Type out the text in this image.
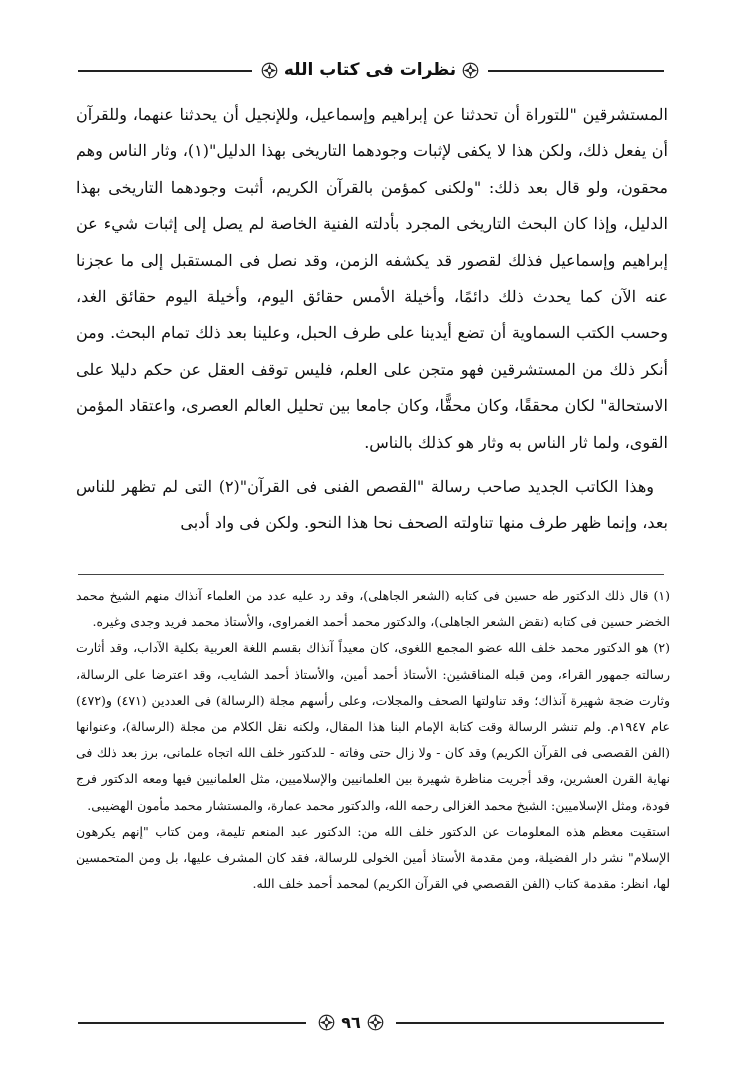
نظرات فى كتاب الله

المستشرقين "للتوراة أن تحدثنا عن إبراهيم وإسماعيل، وللإنجيل أن يحدثنا عنهما، وللقرآن أن يفعل ذلك، ولكن هذا لا يكفى لإثبات وجودهما التاريخى بهذا الدليل"(١)، وثار الناس وهم محقون، ولو قال بعد ذلك: "ولكنى كمؤمن بالقرآن الكريم، أثبت وجودهما التاريخى بهذا الدليل، وإذا كان البحث التاريخى المجرد بأدلته الفنية الخاصة لم يصل إلى إثبات شيء عن إبراهيم وإسماعيل فذلك لقصور قد يكشفه الزمن، وقد نصل فى المستقبل إلى ما عجزنا عنه الآن كما يحدث ذلك دائمًا، وأخيلة الأمس حقائق اليوم، وأخيلة اليوم حقائق الغد، وحسب الكتب السماوية أن تضع أيدينا على طرف الحبل، وعلينا بعد ذلك تمام البحث. ومن أنكر ذلك من المستشرقين فهو متجن على العلم، فليس توقف العقل عن حكم دليلا على الاستحالة" لكان محققًا، وكان محقًّا، وكان جامعا بين تحليل العالم العصرى، واعتقاد المؤمن القوى، ولما ثار الناس به وثار هو كذلك بالناس.

وهذا الكاتب الجديد صاحب رسالة "القصص الفنى فى القرآن"(٢) التى لم تظهر للناس بعد، وإنما ظهر طرف منها تناولته الصحف نحا هذا النحو. ولكن فى واد أدبى

(١) قال ذلك الدكتور طه حسين فى كتابه (الشعر الجاهلى)، وقد رد عليه عدد من العلماء آنذاك منهم الشيخ محمد الخضر حسين فى كتابه (نقض الشعر الجاهلى)، والدكتور محمد أحمد الغمراوى، والأستاذ محمد فريد وجدى وغيره.

(٢) هو الدكتور محمد خلف الله عضو المجمع اللغوى، كان معيداً آنذاك بقسم اللغة العربية بكلية الآداب، وقد أثارت رسالته جمهور القراء، ومن قبله المناقشين: الأستاذ أحمد أمين، والأستاذ أحمد الشايب، وقد اعترضا على الرسالة، وثارت ضجة شهيرة آنذاك؛ وقد تناولتها الصحف والمجلات، وعلى رأسهم مجلة (الرسالة) فى العددين (٤٧١) و(٤٧٢) عام ١٩٤٧م. ولم تنشر الرسالة وقت كتابة الإمام البنا هذا المقال، ولكنه نقل الكلام من مجلة (الرسالة)، وعنوانها (الفن القصصى فى القرآن الكريم) وقد كان - ولا زال حتى وفاته - للدكتور خلف الله اتجاه علمانى، برز بعد ذلك فى نهاية القرن العشرين، وقد أجريت مناظرة شهيرة بين العلمانيين والإسلاميين، مثل العلمانيين فيها ومعه الدكتور فرج فودة، ومثل الإسلاميين: الشيخ محمد الغزالى رحمه الله، والدكتور محمد عمارة، والمستشار محمد مأمون الهضيبى.

استقيت معظم هذه المعلومات عن الدكتور خلف الله من: الدكتور عبد المنعم تليمة، ومن كتاب "إنهم يكرهون الإسلام" نشر دار الفضيلة، ومن مقدمة الأستاذ أمين الخولى للرسالة، فقد كان المشرف عليها، بل ومن المتحمسين لها، انظر: مقدمة كتاب (الفن القصصي في القرآن الكريم) لمحمد أحمد خلف الله.

٩٦
